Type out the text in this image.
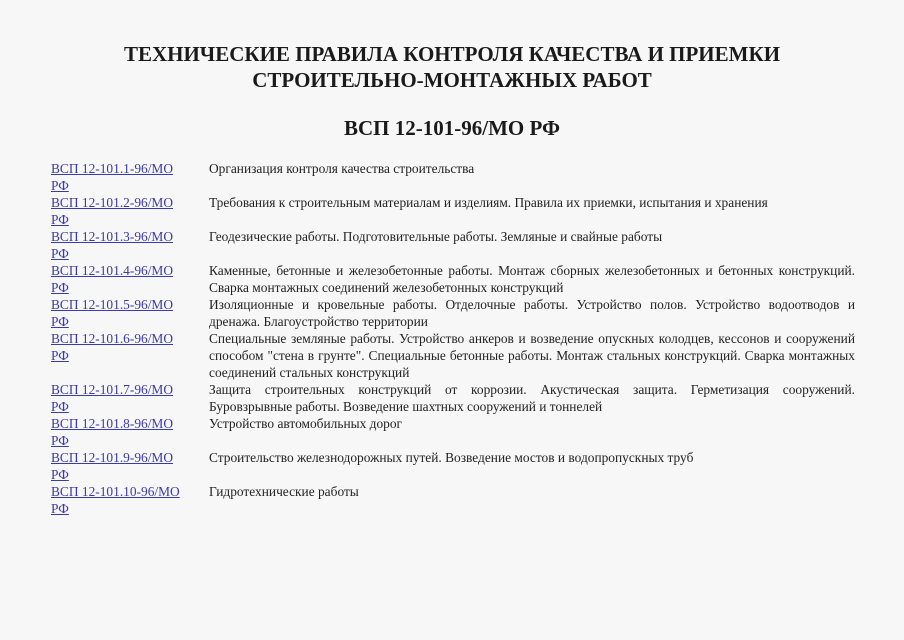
ТЕХНИЧЕСКИЕ ПРАВИЛА КОНТРОЛЯ КАЧЕСТВА И ПРИЕМКИ
СТРОИТЕЛЬНО-МОНТАЖНЫХ РАБОТ
ВСП 12-101-96/МО РФ
ВСП 12-101.1-96/МО РФ	Организация контроля качества строительства
ВСП 12-101.2-96/МО РФ	Требования к строительным материалам и изделиям. Правила их приемки, испытания и хранения
ВСП 12-101.3-96/МО РФ	Геодезические работы. Подготовительные работы. Земляные и свайные работы
ВСП 12-101.4-96/МО РФ	Каменные, бетонные и железобетонные работы. Монтаж сборных железобетонных и бетонных конструкций. Сварка монтажных соединений железобетонных конструкций
ВСП 12-101.5-96/МО РФ	Изоляционные и кровельные работы. Отделочные работы. Устройство полов. Устройство водоотводов и дренажа. Благоустройство территории
ВСП 12-101.6-96/МО РФ	Специальные земляные работы. Устройство анкеров и возведение опускных колодцев, кессонов и сооружений способом "стена в грунте". Специальные бетонные работы. Монтаж стальных конструкций. Сварка монтажных соединений стальных конструкций
ВСП 12-101.7-96/МО РФ	Защита строительных конструкций от коррозии. Акустическая защита. Герметизация сооружений. Буровзрывные работы. Возведение шахтных сооружений и тоннелей
ВСП 12-101.8-96/МО РФ	Устройство автомобильных дорог
ВСП 12-101.9-96/МО РФ	Строительство железнодорожных путей. Возведение мостов и водопропускных труб
ВСП 12-101.10-96/МО РФ	Гидротехнические работы
